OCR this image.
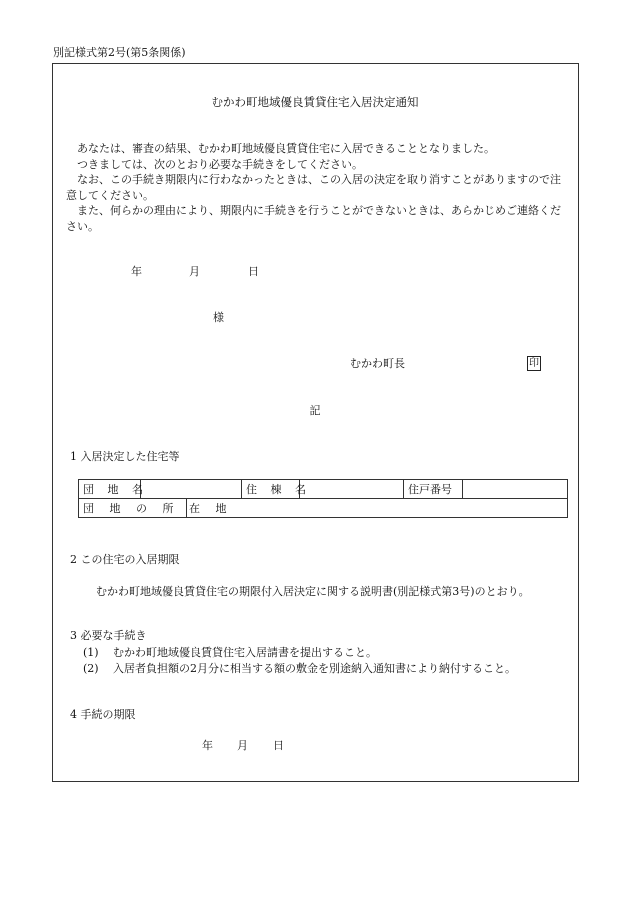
別記様式第2号(第5条関係)
むかわ町地域優良賃貸住宅入居決定通知

あなたは、審査の結果、むかわ町地域優良賃貸住宅に入居できることとなりました。

つきましては、次のとおり必要な手続きをしてください。

なお、この手続き期限内に行わなかったときは、この入居の決定を取り消すことがありますので注意してください。

また、何らかの理由により、期限内に手続きを行うことができないときは、あらかじめご連絡ください。

年	月	日
様
むかわ町長	印
記
1 入居決定した住宅等
団 地 名			住 棟 名		住戸番号	
団 地 の 所 在 地						
2 この住宅の入居期限
むかわ町地域優良賃貸住宅の期限付入居決定に関する説明書(別記様式第3号)のとおり。
3 必要な手続き
(1) むかわ町地域優良賃貸住宅入居請書を提出すること。
(2) 入居者負担額の2月分に相当する額の敷金を別途納入通知書により納付すること。
4 手続の期限
年 月 日
